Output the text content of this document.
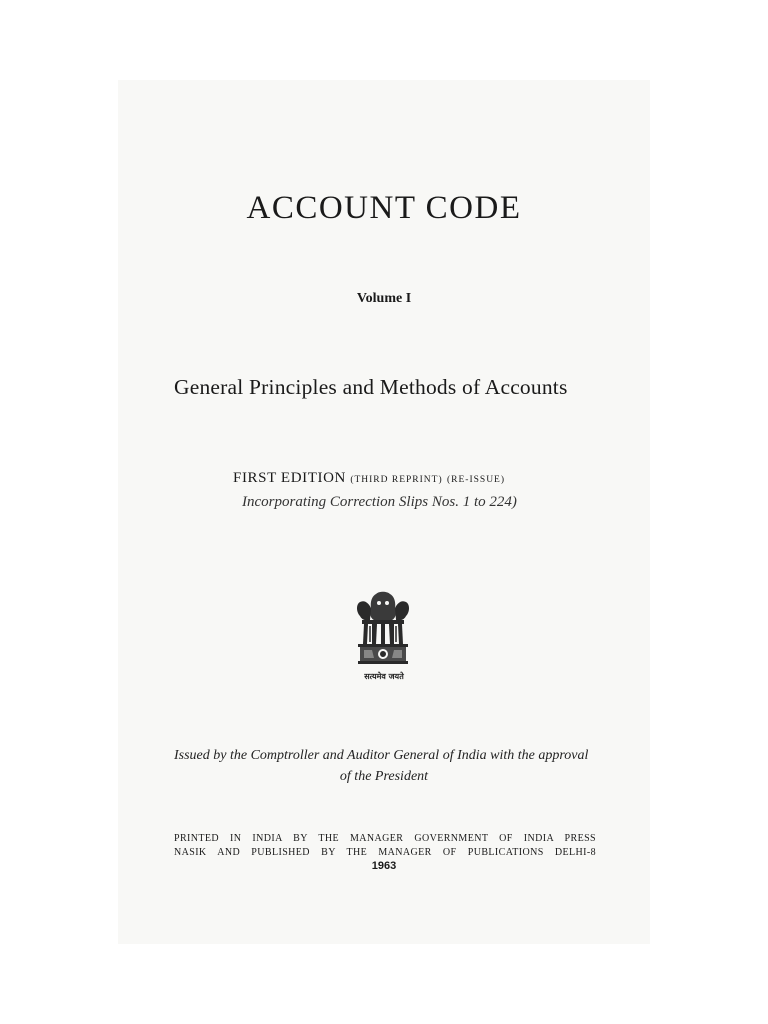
ACCOUNT CODE
Volume I
General Principles and Methods of Accounts
FIRST EDITION (THIRD REPRINT) (RE-ISSUE)
Incorporating Correction Slips Nos. 1 to 224)
सत्यमेव जयते
Issued by the Comptroller and Auditor General of India with the approval
of the President
PRINTED IN INDIA BY THE MANAGER GOVERNMENT OF INDIA PRESS
NASIK AND PUBLISHED BY THE MANAGER OF PUBLICATIONS DELHI-8
1963
